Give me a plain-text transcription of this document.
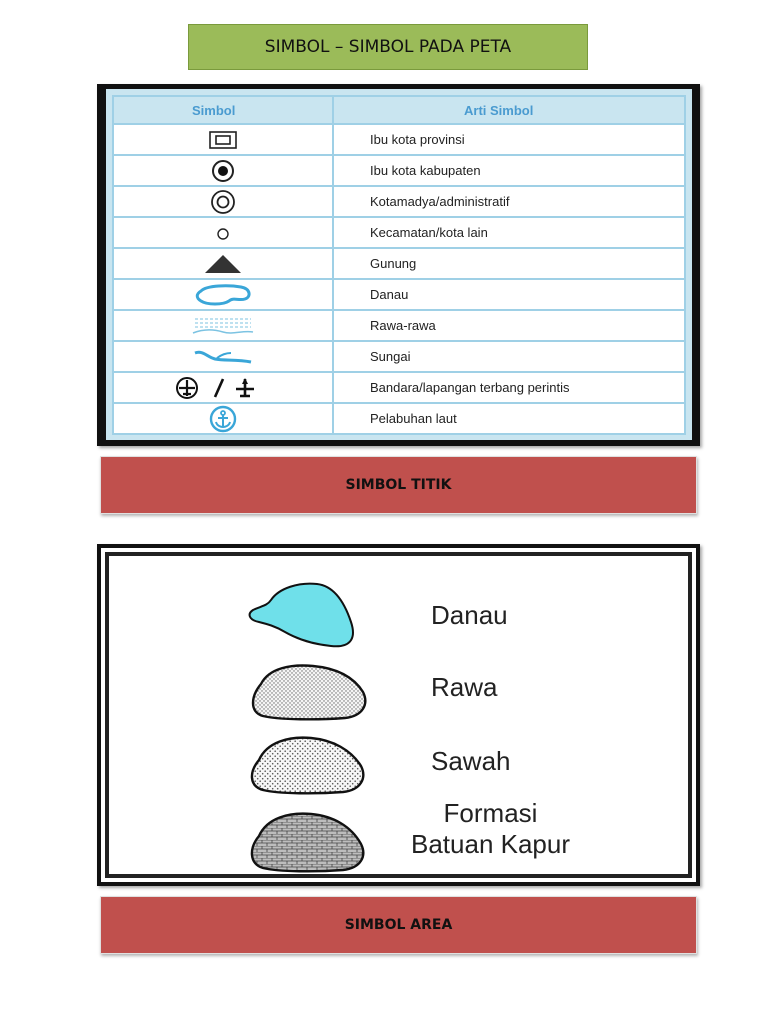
SIMBOL – SIMBOL PADA PETA
Simbol	Arti Simbol
	Ibu kota provinsi
	Ibu kota kabupaten
	Kotamadya/administratif
	Kecamatan/kota lain
	Gunung
	Danau
	Rawa-rawa
	Sungai
	Bandara/lapangan terbang perintis
	Pelabuhan laut
SIMBOL TITIK
Danau
Rawa
Sawah
Formasi
Batuan Kapur
SIMBOL AREA
